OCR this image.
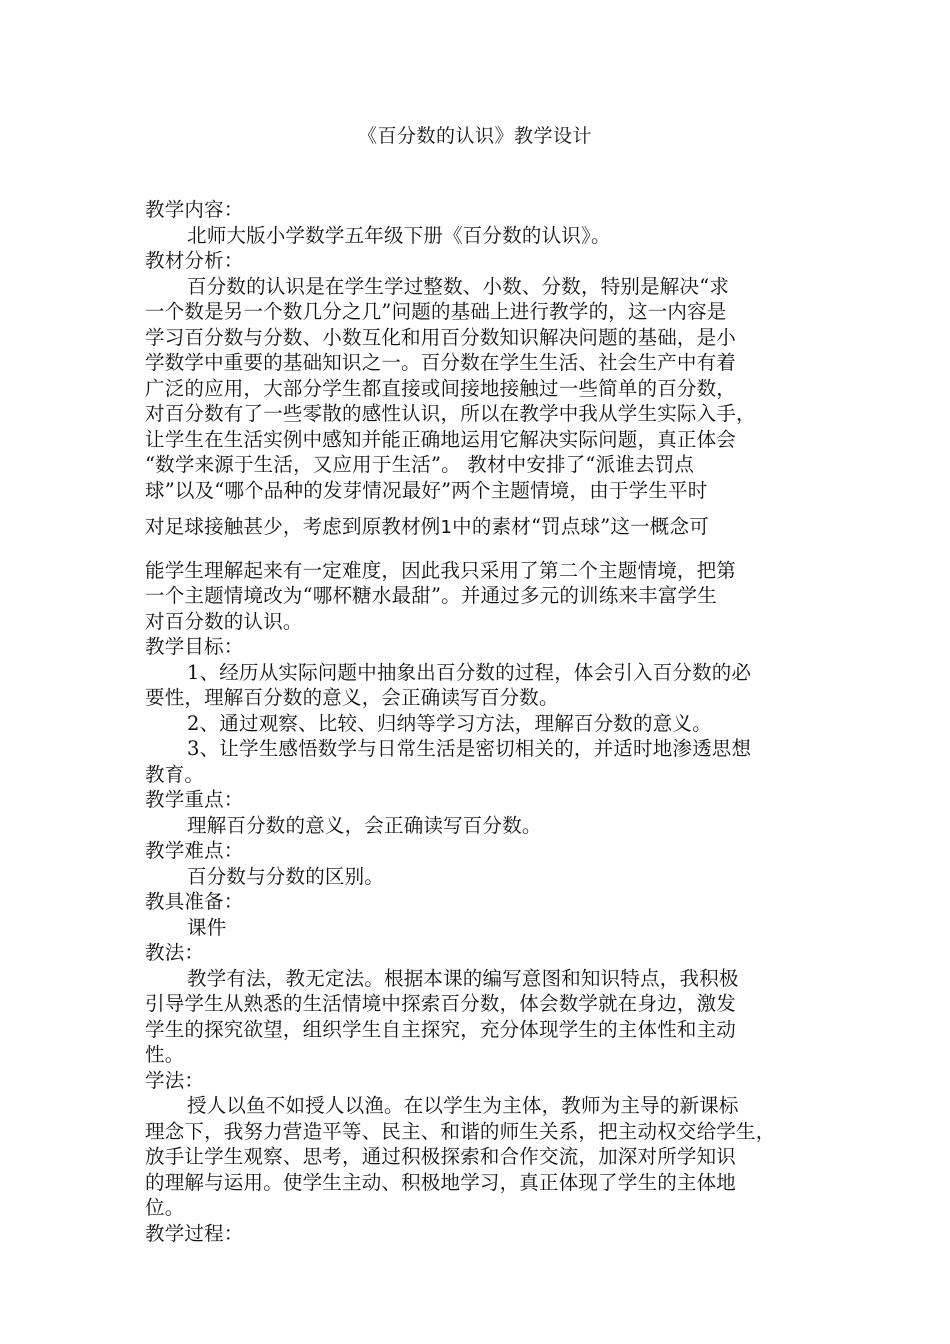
《百分数的认识》教学设计
教学内容：
北师大版小学数学五年级下册《百分数的认识》。
教材分析：
百分数的认识是在学生学过整数、小数、分数，特别是解决“求
一个数是另一个数几分之几”问题的基础上进行教学的，这一内容是
学习百分数与分数、小数互化和用百分数知识解决问题的基础，是小
学数学中重要的基础知识之一。百分数在学生生活、社会生产中有着
广泛的应用，大部分学生都直接或间接地接触过一些简单的百分数，
对百分数有了一些零散的感性认识，所以在教学中我从学生实际入手，
让学生在生活实例中感知并能正确地运用它解决实际问题，真正体会
“数学来源于生活，又应用于生活”。 教材中安排了“派谁去罚点
球”以及“哪个品种的发芽情况最好”两个主题情境，由于学生平时
对足球接触甚少，考虑到原教材例1中的素材“罚点球”这一概念可
能学生理解起来有一定难度，因此我只采用了第二个主题情境，把第
一个主题情境改为“哪杯糖水最甜”。并通过多元的训练来丰富学生
对百分数的认识。
教学目标：
1、经历从实际问题中抽象出百分数的过程，体会引入百分数的必
要性，理解百分数的意义，会正确读写百分数。
2、通过观察、比较、归纳等学习方法，理解百分数的意义。
3、让学生感悟数学与日常生活是密切相关的，并适时地渗透思想
教育。
教学重点：
理解百分数的意义，会正确读写百分数。
教学难点：
百分数与分数的区别。
教具准备：
课件
教法：
教学有法，教无定法。根据本课的编写意图和知识特点，我积极
引导学生从熟悉的生活情境中探索百分数，体会数学就在身边，激发
学生的探究欲望，组织学生自主探究，充分体现学生的主体性和主动
性。
学法：
授人以鱼不如授人以渔。在以学生为主体，教师为主导的新课标
理念下，我努力营造平等、民主、和谐的师生关系，把主动权交给学生，
放手让学生观察、思考，通过积极探索和合作交流，加深对所学知识
的理解与运用。使学生主动、积极地学习，真正体现了学生的主体地
位。
教学过程：
